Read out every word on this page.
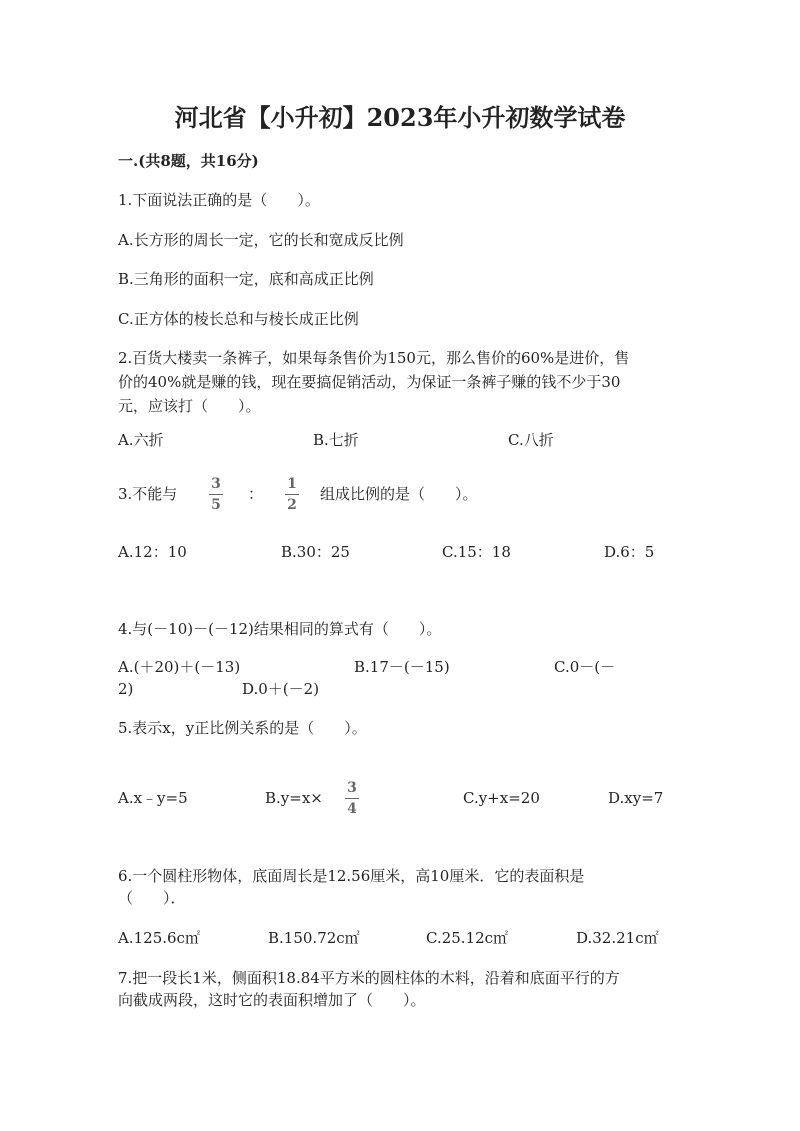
河北省【小升初】2023年小升初数学试卷
一.(共8题，共16分)
1.下面说法正确的是（　　）。
A.长方形的周长一定，它的长和宽成反比例
B.三角形的面积一定，底和高成正比例
C.正方体的棱长总和与棱长成正比例
2.百货大楼卖一条裤子，如果每条售价为150元，那么售价的60%是进价，售
价的40%就是赚的钱，现在要搞促销活动，为保证一条裤子赚的钱不少于30
元，应该打（　　）。
A.六折	B.七折	C.八折
3.不能与
3
5
：
1
2
组成比例的是（　　）。
A.12：10	B.30：25	C.15：18	D.6：5
4.与(－10)－(－12)结果相同的算式有（　　）。
A.(＋20)＋(－13)	B.17－(－15)	C.0－(－
2)	D.0＋(－2)
5.表示x，y正比例关系的是（　　）。
A.x﹣y=5	B.y=x×
3
4
C.y+x=20	D.xy=7
6.一个圆柱形物体，底面周长是12.56厘米，高10厘米．它的表面积是
（　　）．
A.125.6c㎡	B.150.72c㎡	C.25.12c㎡	D.32.21c㎡
7.把一段长1米，侧面积18.84平方米的圆柱体的木料，沿着和底面平行的方
向截成两段，这时它的表面积增加了（　　）。
